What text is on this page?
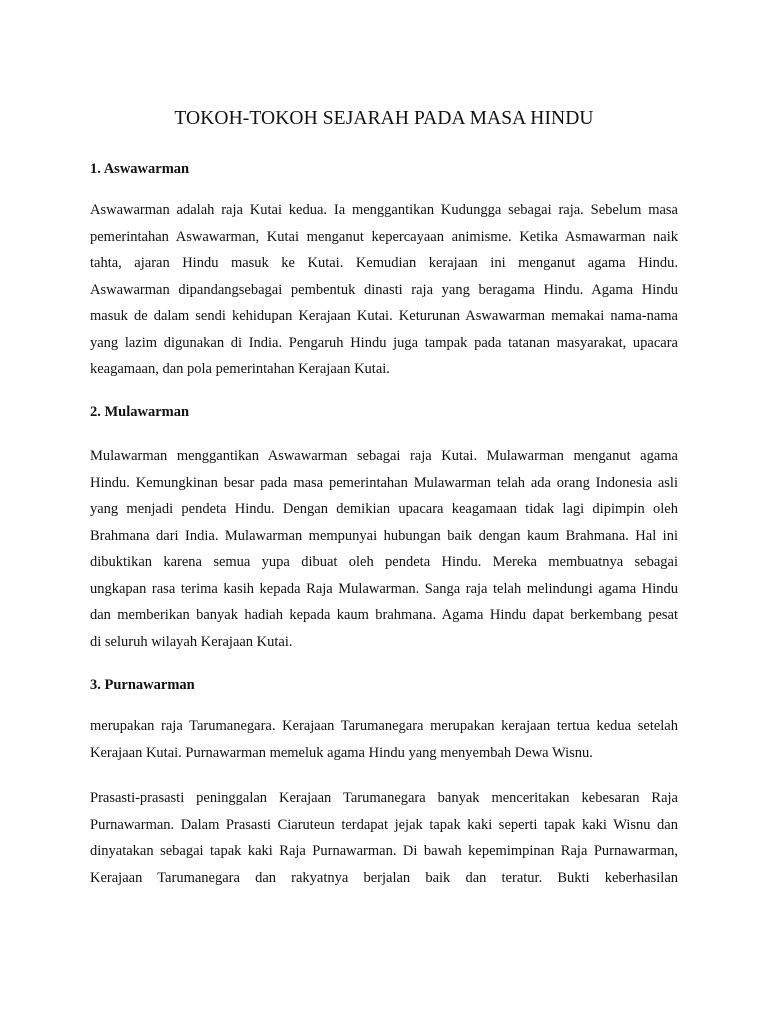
TOKOH-TOKOH SEJARAH PADA MASA HINDU
1. Aswawarman

Aswawarman adalah raja Kutai kedua. Ia menggantikan Kudungga sebagai raja. Sebelum masa
pemerintahan Aswawarman, Kutai menganut kepercayaan animisme. Ketika Asmawarman naik
tahta, ajaran Hindu masuk ke Kutai. Kemudian kerajaan ini menganut agama Hindu.
Aswawarman dipandangsebagai pembentuk dinasti raja yang beragama Hindu. Agama Hindu
masuk de dalam sendi kehidupan Kerajaan Kutai. Keturunan Aswawarman memakai nama-nama
yang lazim digunakan di India. Pengaruh Hindu juga tampak pada tatanan masyarakat, upacara
keagamaan, dan pola pemerintahan Kerajaan Kutai.

2. Mulawarman

Mulawarman menggantikan Aswawarman sebagai raja Kutai. Mulawarman menganut agama
Hindu. Kemungkinan besar pada masa pemerintahan Mulawarman telah ada orang Indonesia asli
yang menjadi pendeta Hindu. Dengan demikian upacara keagamaan tidak lagi dipimpin oleh
Brahmana dari India. Mulawarman mempunyai hubungan baik dengan kaum Brahmana. Hal ini
dibuktikan karena semua yupa dibuat oleh pendeta Hindu. Mereka membuatnya sebagai
ungkapan rasa terima kasih kepada Raja Mulawarman. Sanga raja telah melindungi agama Hindu
dan memberikan banyak hadiah kepada kaum brahmana. Agama Hindu dapat berkembang pesat
di seluruh wilayah Kerajaan Kutai.

3. Purnawarman

merupakan raja Tarumanegara. Kerajaan Tarumanegara merupakan kerajaan tertua kedua setelah
Kerajaan Kutai. Purnawarman memeluk agama Hindu yang menyembah Dewa Wisnu.

Prasasti-prasasti peninggalan Kerajaan Tarumanegara banyak menceritakan kebesaran Raja
Purnawarman. Dalam Prasasti Ciaruteun terdapat jejak tapak kaki seperti tapak kaki Wisnu dan
dinyatakan sebagai tapak kaki Raja Purnawarman. Di bawah kepemimpinan Raja Purnawarman,
Kerajaan Tarumanegara dan rakyatnya berjalan baik dan teratur. Bukti keberhasilan
